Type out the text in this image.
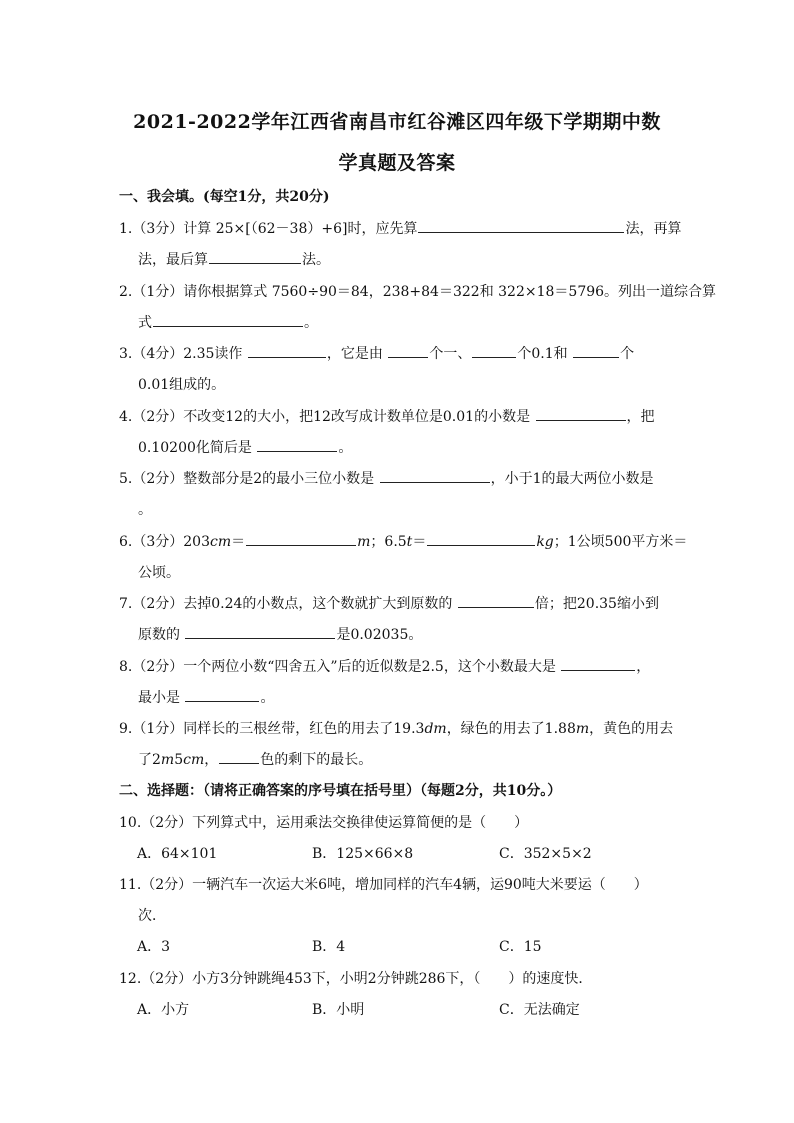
2021-2022学年江西省南昌市红谷滩区四年级下学期期中数
学真题及答案
一、我会填。(每空1分，共20分)
1.（3分）计算 25×[（62－38）+6]时，应先算	法，再算
法，最后算	法。
2.（1分）请你根据算式 7560÷90＝84，238+84＝322和 322×18＝5796。列出一道综合算
式	。
3.（4分）2.35读作	，它是由	个一、	个0.1和	个
0.01组成的。
4.（2分）不改变12的大小，把12改写成计数单位是0.01的小数是	，把
0.10200化简后是	。
5.（2分）整数部分是2的最小三位小数是	，小于1的最大两位小数是
。
6.（3分）203cm＝	m；6.5t＝	kg；1公顷500平方米＝
公顷。
7.（2分）去掉0.24的小数点，这个数就扩大到原数的	倍；把20.35缩小到
原数的	是0.02035。
8.（2分）一个两位小数“四舍五入”后的近似数是2.5，这个小数最大是	，
最小是	。
9.（1分）同样长的三根丝带，红色的用去了19.3dm，绿色的用去了1.88m，黄色的用去
了2m5cm，	色的剩下的最长。
二、选择题：（请将正确答案的序号填在括号里）（每题2分，共10分。）
10.（2分）下列算式中，运用乘法交换律使运算简便的是（　　）
A．64×101	B．125×66×8	C．352×5×2
11.（2分）一辆汽车一次运大米6吨，增加同样的汽车4辆，运90吨大米要运（　　）
次．
A．3	B．4	C．15
12.（2分）小方3分钟跳绳453下，小明2分钟跳286下，（　　）的速度快．
A．小方	B．小明	C．无法确定
